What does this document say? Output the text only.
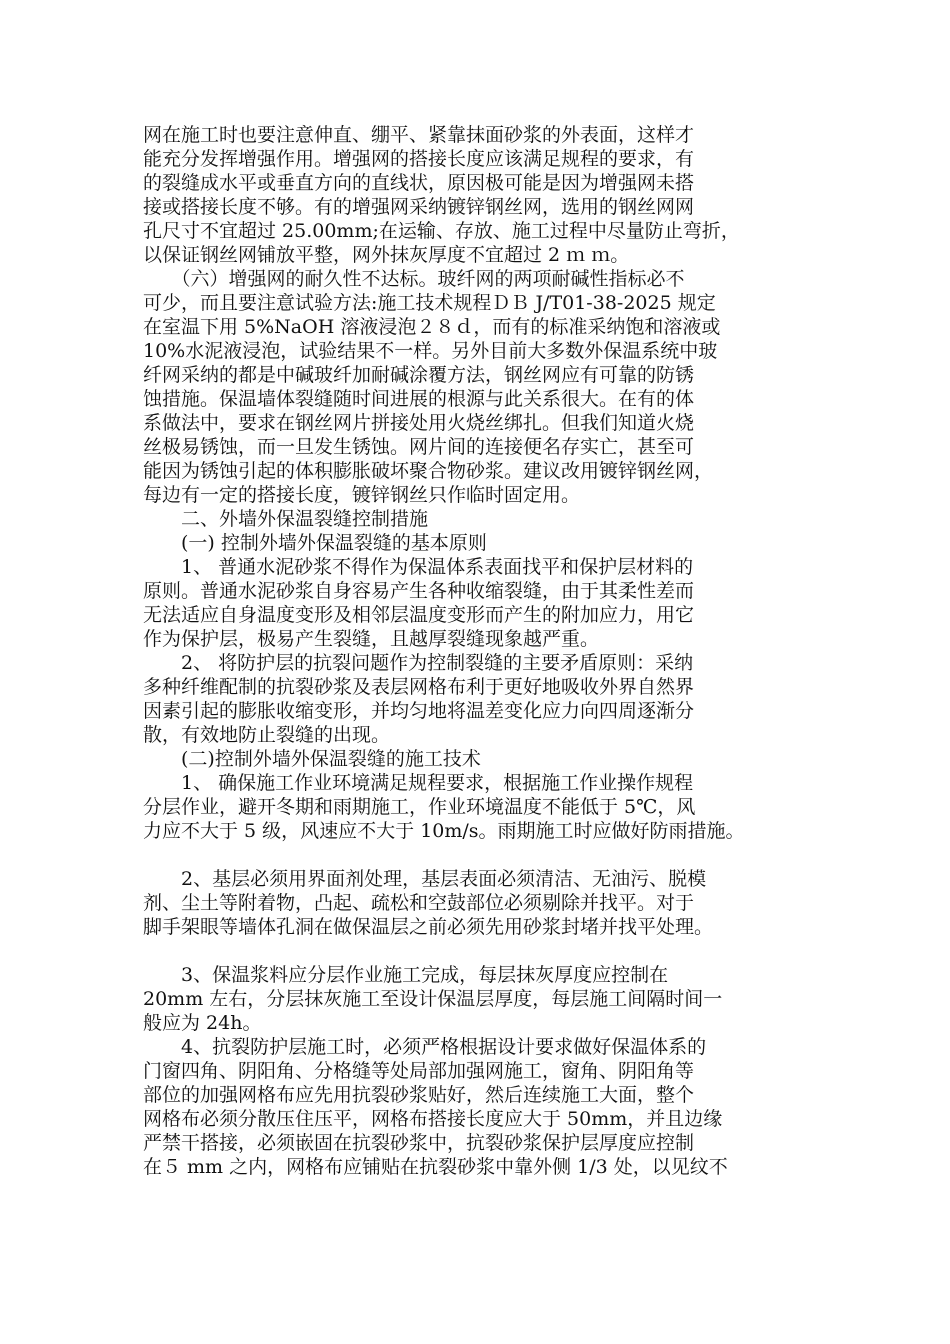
网在施工时也要注意伸直、绷平、紧靠抹面砂浆的外表面，这样才
能充分发挥增强作用。增强网的搭接长度应该满足规程的要求，有
的裂缝成水平或垂直方向的直线状，原因极可能是因为增强网未搭
接或搭接长度不够。有的增强网采纳镀锌钢丝网，选用的钢丝网网
孔尺寸不宜超过 25.00mm;在运输、存放、施工过程中尽量防止弯折，
以保证钢丝网铺放平整，网外抹灰厚度不宜超过 2 ｍ ｍ。
　　（六）增强网的耐久性不达标。玻纤网的两项耐碱性指标必不
可少，而且要注意试验方法:施工技术规程ＤＢ J/T01-38-2025 规定
在室温下用 5%NaOH 溶液浸泡２８ｄ，而有的标准采纳饱和溶液或
10%水泥液浸泡，试验结果不一样。另外目前大多数外保温系统中玻
纤网采纳的都是中碱玻纤加耐碱涂覆方法，钢丝网应有可靠的防锈
蚀措施。保温墙体裂缝随时间进展的根源与此关系很大。在有的体
系做法中，要求在钢丝网片拼接处用火烧丝绑扎。但我们知道火烧
丝极易锈蚀，而一旦发生锈蚀。网片间的连接便名存实亡，甚至可
能因为锈蚀引起的体积膨胀破坏聚合物砂浆。建议改用镀锌钢丝网，
每边有一定的搭接长度，镀锌钢丝只作临时固定用。
　　二、外墙外保温裂缝控制措施
　　(一) 控制外墙外保温裂缝的基本原则
　　1、 普通水泥砂浆不得作为保温体系表面找平和保护层材料的
原则。普通水泥砂浆自身容易产生各种收缩裂缝，由于其柔性差而
无法适应自身温度变形及相邻层温度变形而产生的附加应力，用它
作为保护层，极易产生裂缝，且越厚裂缝现象越严重。
　　2、 将防护层的抗裂问题作为控制裂缝的主要矛盾原则：采纳
多种纤维配制的抗裂砂浆及表层网格布利于更好地吸收外界自然界
因素引起的膨胀收缩变形，并均匀地将温差变化应力向四周逐渐分
散，有效地防止裂缝的出现。
　　(二)控制外墙外保温裂缝的施工技术
　　1、 确保施工作业环境满足规程要求，根据施工作业操作规程
分层作业，避开冬期和雨期施工，作业环境温度不能低于 5℃，风
力应不大于 5 级，风速应不大于 10m/s。雨期施工时应做好防雨措施。
　　2、基层必须用界面剂处理，基层表面必须清洁、无油污、脱模
剂、尘土等附着物，凸起、疏松和空鼓部位必须剔除并找平。对于
脚手架眼等墙体孔洞在做保温层之前必须先用砂浆封堵并找平处理。
　　3、保温浆料应分层作业施工完成，每层抹灰厚度应控制在
20mm 左右，分层抹灰施工至设计保温层厚度，每层施工间隔时间一
般应为 24h。
　　4、抗裂防护层施工时，必须严格根据设计要求做好保温体系的
门窗四角、阴阳角、分格缝等处局部加强网施工，窗角、阴阳角等
部位的加强网格布应先用抗裂砂浆贴好，然后连续施工大面，整个
网格布必须分散压住压平，网格布搭接长度应大于 50mm，并且边缘
严禁干搭接，必须嵌固在抗裂砂浆中，抗裂砂浆保护层厚度应控制
在５ mm 之内，网格布应铺贴在抗裂砂浆中靠外侧 1/3 处，以见纹不
